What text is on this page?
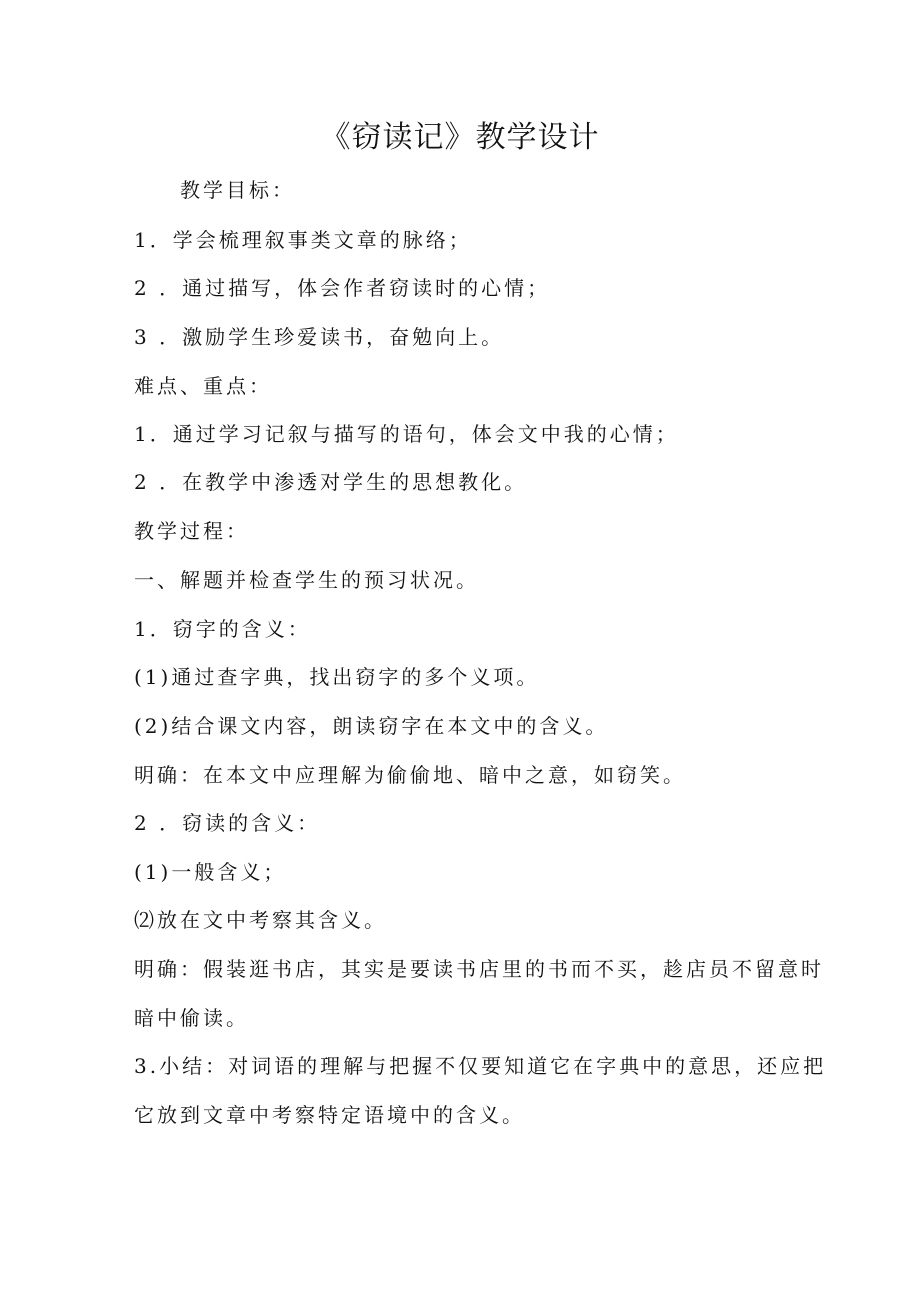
《窃读记》教学设计
教学目标：
1．学会梳理叙事类文章的脉络；
2 ．通过描写，体会作者窃读时的心情；
3 ．激励学生珍爱读书，奋勉向上。
难点、重点：
1．通过学习记叙与描写的语句，体会文中我的心情；
2 ．在教学中渗透对学生的思想教化。
教学过程：
一、解题并检查学生的预习状况。
1．窃字的含义：
(1)通过查字典，找出窃字的多个义项。
(2)结合课文内容，朗读窃字在本文中的含义。
明确：在本文中应理解为偷偷地、暗中之意，如窃笑。
2 ．窃读的含义：
(1)一般含义；
⑵放在文中考察其含义。
明确：假装逛书店，其实是要读书店里的书而不买，趁店员不留意时
暗中偷读。
3.小结：对词语的理解与把握不仅要知道它在字典中的意思，还应把
它放到文章中考察特定语境中的含义。
